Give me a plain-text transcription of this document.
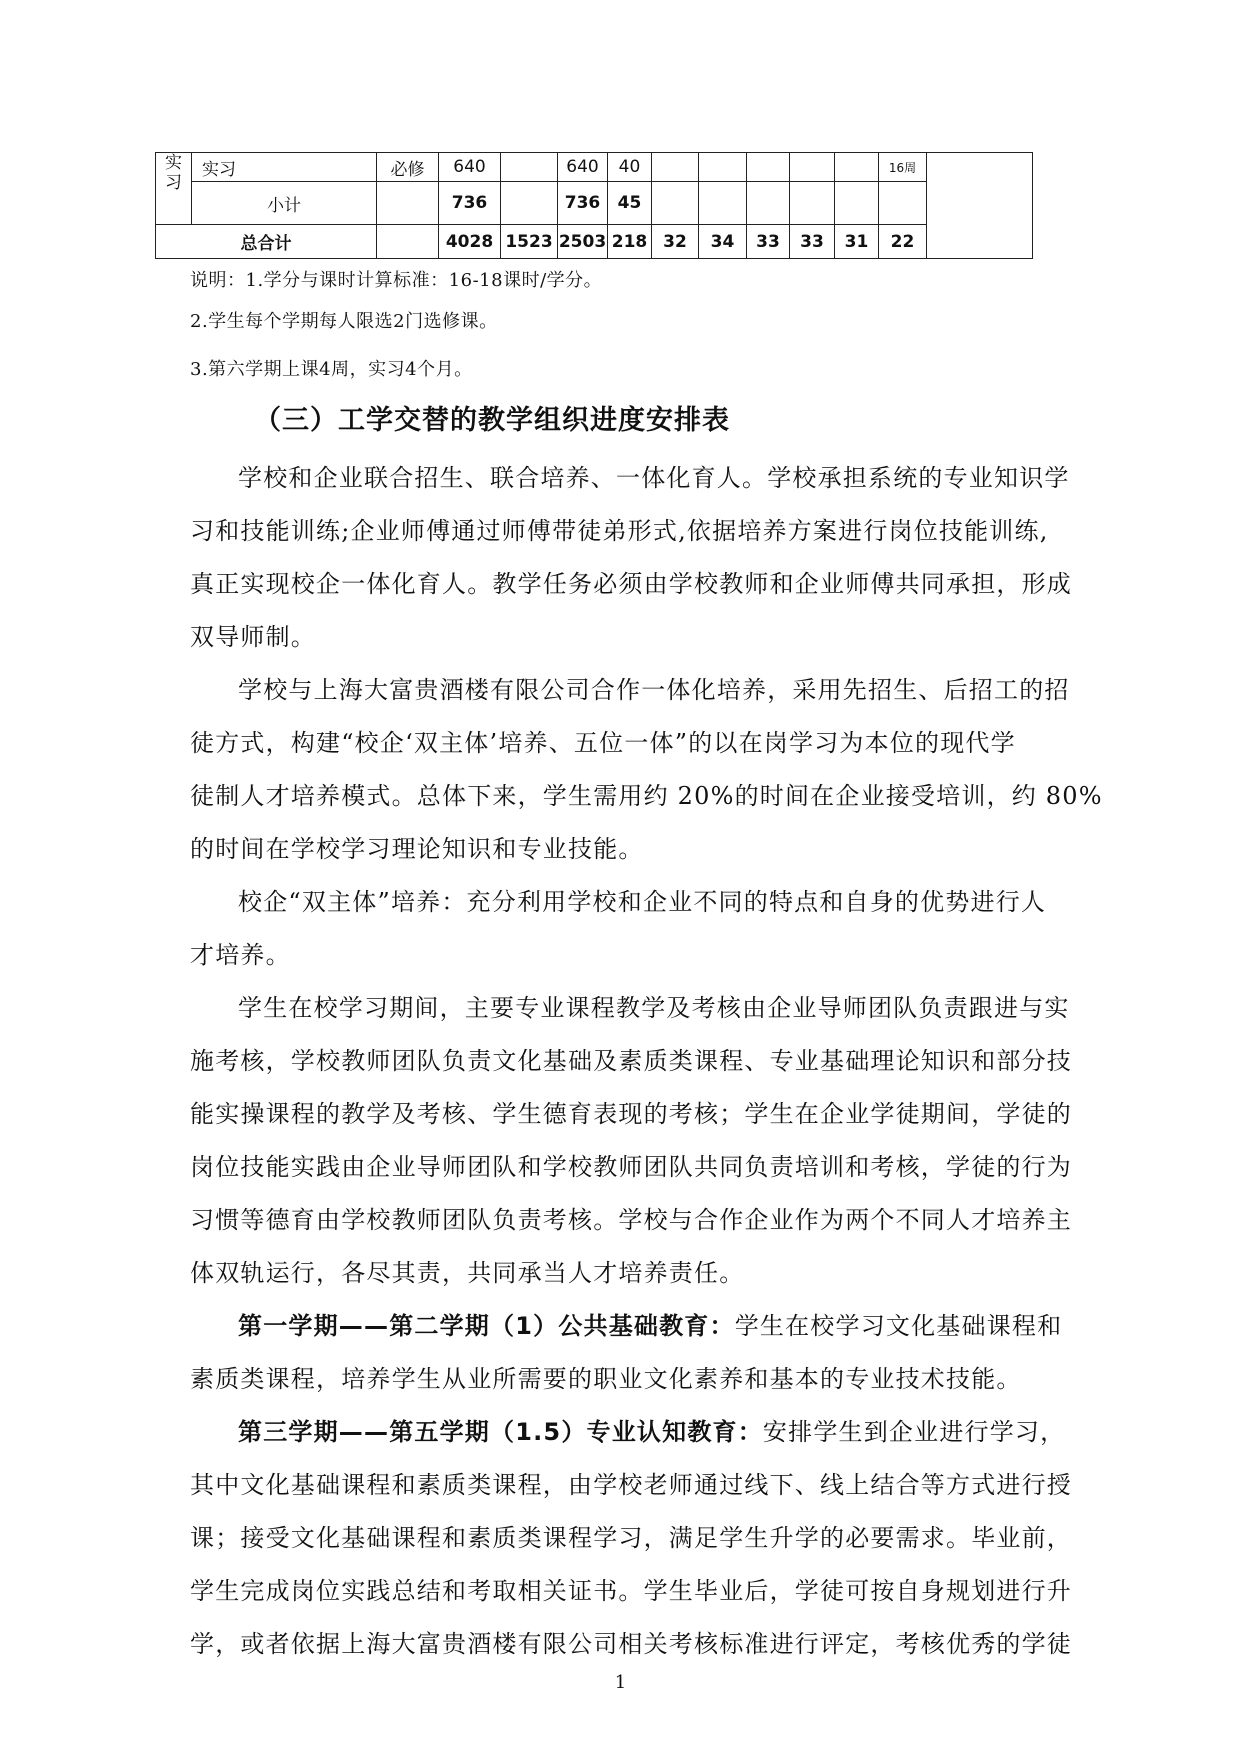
实
习	实习	必修	640		640	40						16周	
	小计		736		736	45							
总合计			4028	1523	2503	218	32	34	33	33	31	22	
说明：1.学分与课时计算标准：16-18课时/学分。
2.学生每个学期每人限选2门选修课。
3.第六学期上课4周，实习4个月。
（三）工学交替的教学组织进度安排表
学校和企业联合招生、联合培养、一体化育人。学校承担系统的专业知识学
习和技能训练;企业师傅通过师傅带徒弟形式,依据培养方案进行岗位技能训练,
真正实现校企一体化育人。教学任务必须由学校教师和企业师傅共同承担，形成
双导师制。
学校与上海大富贵酒楼有限公司合作一体化培养，采用先招生、后招工的招
徒方式，构建“校企‘双主体’培养、五位一体”的以在岗学习为本位的现代学
徒制人才培养模式。总体下来，学生需用约 20%的时间在企业接受培训，约 80%
的时间在学校学习理论知识和专业技能。
校企“双主体”培养：充分利用学校和企业不同的特点和自身的优势进行人
才培养。
学生在校学习期间，主要专业课程教学及考核由企业导师团队负责跟进与实
施考核，学校教师团队负责文化基础及素质类课程、专业基础理论知识和部分技
能实操课程的教学及考核、学生德育表现的考核；学生在企业学徒期间，学徒的
岗位技能实践由企业导师团队和学校教师团队共同负责培训和考核，学徒的行为
习惯等德育由学校教师团队负责考核。学校与合作企业作为两个不同人才培养主
体双轨运行，各尽其责，共同承当人才培养责任。
第一学期——第二学期（1）公共基础教育：学生在校学习文化基础课程和
素质类课程，培养学生从业所需要的职业文化素养和基本的专业技术技能。
第三学期——第五学期（1.5）专业认知教育：安排学生到企业进行学习，
其中文化基础课程和素质类课程，由学校老师通过线下、线上结合等方式进行授
课；接受文化基础课程和素质类课程学习，满足学生升学的必要需求。毕业前，
学生完成岗位实践总结和考取相关证书。学生毕业后，学徒可按自身规划进行升
学，或者依据上海大富贵酒楼有限公司相关考核标准进行评定，考核优秀的学徒
1
